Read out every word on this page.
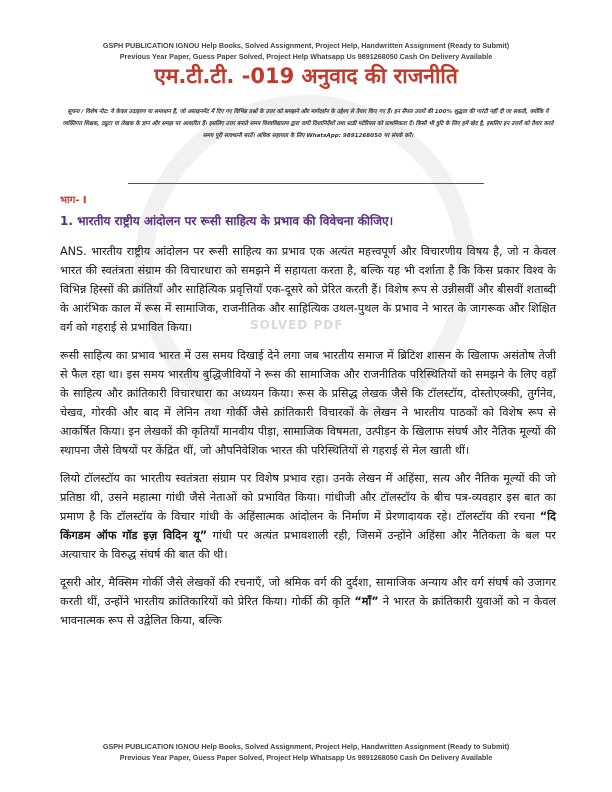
SOLVED PDF
GSPH PUBLICATION IGNOU Help Books, Solved Assignment, Project Help, Handwritten Assignment (Ready to Submit)
Previous Year Paper, Guess Paper Solved, Project Help Whatsapp Us 9891268050 Cash On Delivery Available
एम.टी.टी. -019 अनुवाद की राजनीति
सूचना / विशेष नोट: ये केवल उदाहरण या समाधान हैं, जो असाइनमेंट में दिए गए विभिन्न प्रश्नों के उत्तर को समझने और मार्गदर्शन के उद्देश्य से तैयार किए गए हैं। इन सैंपल उत्तरों की 100% शुद्धता की गारंटी नहीं दी जा सकती, क्योंकि ये व्यक्तिगत शिक्षक, ट्यूटर या लेखक के ज्ञान और समझ पर आधारित हैं। इसलिए उत्तर बनाते समय विश्वविद्यालय द्वारा जारी दिशानिर्देशों तथा स्टडी मटेरियल को प्राथमिकता दें। किसी भी त्रुटि के लिए हमें खेद है, इसलिए इन उत्तरों को तैयार करते समय पूरी सावधानी बरतें। अधिक सहायता के लिए WhatsApp: 9891268050 पर संपर्क करें।
भाग- I
1. भारतीय राष्ट्रीय आंदोलन पर रूसी साहित्य के प्रभाव की विवेचना कीजिए।

ANS. भारतीय राष्ट्रीय आंदोलन पर रूसी साहित्य का प्रभाव एक अत्यंत महत्त्वपूर्ण और विचारणीय विषय है, जो न केवल भारत की स्वतंत्रता संग्राम की विचारधारा को समझने में सहायता करता है, बल्कि यह भी दर्शाता है कि किस प्रकार विश्व के विभिन्न हिस्सों की क्रांतियाँ और साहित्यिक प्रवृत्तियाँ एक-दूसरे को प्रेरित करती हैं। विशेष रूप से उन्नीसवीं और बीसवीं शताब्दी के आरंभिक काल में रूस में सामाजिक, राजनीतिक और साहित्यिक उथल-पुथल के प्रभाव ने भारत के जागरूक और शिक्षित वर्ग को गहराई से प्रभावित किया।

रूसी साहित्य का प्रभाव भारत में उस समय दिखाई देने लगा जब भारतीय समाज में ब्रिटिश शासन के खिलाफ असंतोष तेजी से फैल रहा था। इस समय भारतीय बुद्धिजीवियों ने रूस की सामाजिक और राजनीतिक परिस्थितियों को समझने के लिए वहाँ के साहित्य और क्रांतिकारी विचारधारा का अध्ययन किया। रूस के प्रसिद्ध लेखक जैसे कि टॉलस्टॉय, दोस्तोएव्स्की, तुर्गनेव, चेखव, गोरकी और बाद में लेनिन तथा गोर्की जैसे क्रांतिकारी विचारकों के लेखन ने भारतीय पाठकों को विशेष रूप से आकर्षित किया। इन लेखकों की कृतियाँ मानवीय पीड़ा, सामाजिक विषमता, उत्पीड़न के खिलाफ संघर्ष और नैतिक मूल्यों की स्थापना जैसे विषयों पर केंद्रित थीं, जो औपनिवेशिक भारत की परिस्थितियों से गहराई से मेल खाती थीं।

लियो टॉलस्टॉय का भारतीय स्वतंत्रता संग्राम पर विशेष प्रभाव रहा। उनके लेखन में अहिंसा, सत्य और नैतिक मूल्यों की जो प्रतिष्ठा थी, उसने महात्मा गांधी जैसे नेताओं को प्रभावित किया। गांधीजी और टॉलस्टॉय के बीच पत्र-व्यवहार इस बात का प्रमाण है कि टॉलस्टॉय के विचार गांधी के अहिंसात्मक आंदोलन के निर्माण में प्रेरणादायक रहे। टॉलस्टॉय की रचना “दि किंगडम ऑफ गॉड इज़ विदिन यू” गांधी पर अत्यंत प्रभावशाली रही, जिसमें उन्होंने अहिंसा और नैतिकता के बल पर अत्याचार के विरुद्ध संघर्ष की बात की थी।

दूसरी ओर, मैक्सिम गोर्की जैसे लेखकों की रचनाएँ, जो श्रमिक वर्ग की दुर्दशा, सामाजिक अन्याय और वर्ग संघर्ष को उजागर करती थीं, उन्होंने भारतीय क्रांतिकारियों को प्रेरित किया। गोर्की की कृति “माँ” ने भारत के क्रांतिकारी युवाओं को न केवल भावनात्मक रूप से उद्वेलित किया, बल्कि

GSPH PUBLICATION IGNOU Help Books, Solved Assignment, Project Help, Handwritten Assignment (Ready to Submit)
Previous Year Paper, Guess Paper Solved, Project Help Whatsapp Us 9891268050 Cash On Delivery Available
